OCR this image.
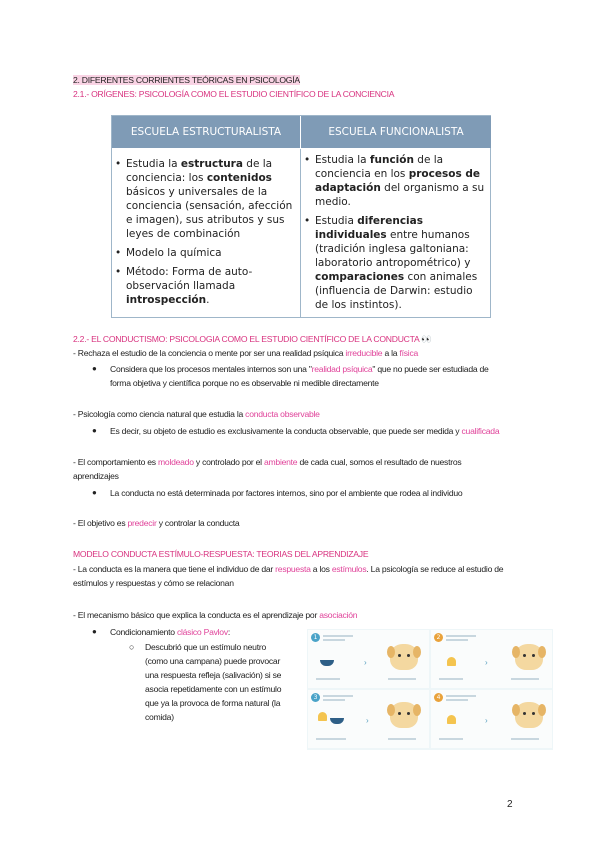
2. DIFERENTES CORRIENTES TEÓRICAS EN PSICOLOGÍA
2.1.- ORÍGENES: PSICOLOGÍA COMO EL ESTUDIO CIENTÍFICO DE LA CONCIENCIA
ESCUELA ESTRUCTURALISTA	ESCUELA FUNCIONALISTA
• Estudia la estructura de la conciencia: los contenidos básicos y universales de la conciencia (sensación, afección e imagen), sus atributos y sus leyes de combinación
• Modelo la química
• Método: Forma de auto-observación llamada introspección.
• Estudia la función de la conciencia en los procesos de adaptación del organismo a su medio.
• Estudia diferencias individuales entre humanos (tradición inglesa galtoniana: laboratorio antropométrico) y comparaciones con animales (influencia de Darwin: estudio de los instintos).
2.2.- EL CONDUCTISMO: PSICOLOGIA COMO EL ESTUDIO CIENTÍFICO DE LA CONDUCTA 👀
- Rechaza el estudio de la conciencia o mente por ser una realidad psíquica irreducible a la física
● Considera que los procesos mentales internos son una "realidad psíquica" que no puede ser estudiada de
forma objetiva y científica porque no es observable ni medible directamente
- Psicología como ciencia natural que estudia la conducta observable
● Es decir, su objeto de estudio es exclusivamente la conducta observable, que puede ser medida y cualificada
- El comportamiento es moldeado y controlado por el ambiente de cada cual, somos el resultado de nuestros
aprendizajes
● La conducta no está determinada por factores internos, sino por el ambiente que rodea al individuo
- El objetivo es predecir y controlar la conducta
MODELO CONDUCTA ESTÍMULO-RESPUESTA: TEORIAS DEL APRENDIZAJE
- La conducta es la manera que tiene el individuo de dar respuesta a los estímulos. La psicología se reduce al estudio de
estímulos y respuestas y cómo se relacionan
- El mecanismo básico que explica la conducta es el aprendizaje por asociación
● Condicionamiento clásico Pavlov:
○ Descubrió que un estímulo neutro
(como una campana) puede provocar
una respuesta refleja (salivación) si se
asocia repetidamente con un estímulo
que ya la provoca de forma natural (la
comida)
1
›
2
›
3
›
4
›
2
